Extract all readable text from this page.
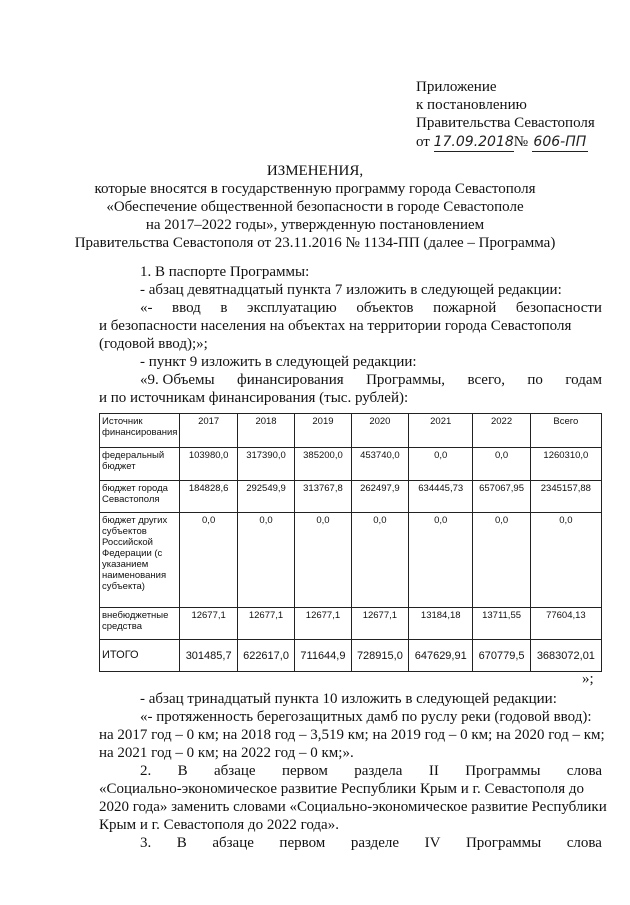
Приложение
к постановлению
Правительства Севастополя
от 17.09.2018№ 606-ПП
ИЗМЕНЕНИЯ,
которые вносятся в государственную программу города Севастополя
«Обеспечение общественной безопасности в городе Севастополе
на 2017–2022 годы», утвержденную постановлением
Правительства Севастополя от 23.11.2016 № 1134-ПП (далее – Программа)
1. В паспорте Программы:
- абзац девятнадцатый пункта 7 изложить в следующей редакции:
«- ввод в эксплуатацию объектов пожарной безопасности
и безопасности населения на объектах на территории города Севастополя
(годовой ввод);»;
- пункт 9 изложить в следующей редакции:
«9. Объемы финансирования Программы, всего, по годам
и по источникам финансирования (тыс. рублей):
Источник финансирования	2017	2018	2019	2020	2021	2022	Всего
федеральный бюджет	103980,0	317390,0	385200,0	453740,0	0,0	0,0	1260310,0
бюджет города Севастополя	184828,6	292549,9	313767,8	262497,9	634445,73	657067,95	2345157,88
бюджет других субъектов Российской Федерации (с указанием наименования субъекта)	0,0	0,0	0,0	0,0	0,0	0,0	0,0
внебюджетные средства	12677,1	12677,1	12677,1	12677,1	13184,18	13711,55	77604,13
ИТОГО	301485,7	622617,0	711644,9	728915,0	647629,91	670779,5	3683072,01
»;
- абзац тринадцатый пункта 10 изложить в следующей редакции:
«- протяженность берегозащитных дамб по руслу реки (годовой ввод):
на 2017 год – 0 км; на 2018 год – 3,519 км; на 2019 год – 0 км; на 2020 год – км;
на 2021 год – 0 км; на 2022 год – 0 км;».
2. В абзаце первом раздела II Программы слова
«Социально-экономическое развитие Республики Крым и г. Севастополя до
2020 года» заменить словами «Социально-экономическое развитие Республики
Крым и г. Севастополя до 2022 года».
3. В абзаце первом разделе IV Программы слова
